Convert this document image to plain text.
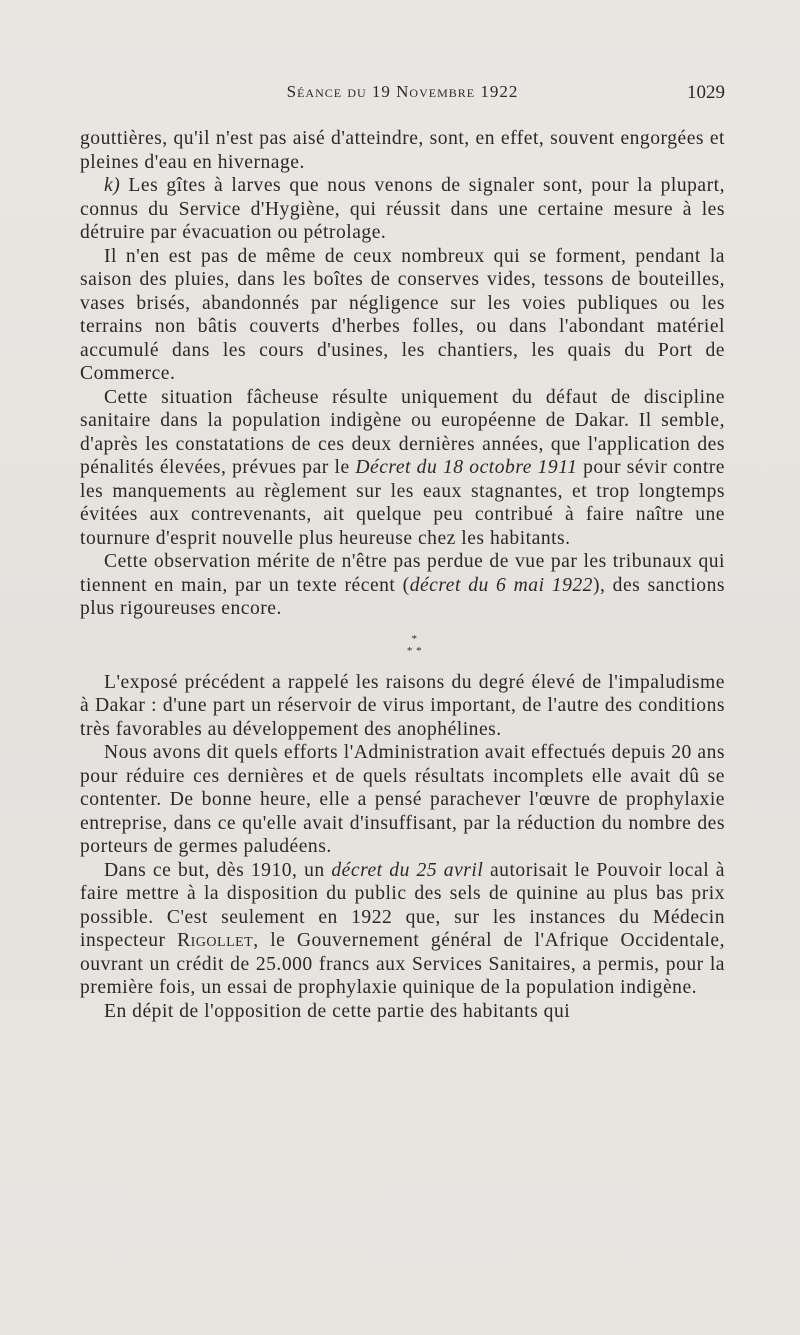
Séance du 19 Novembre 1922	1029

gouttières, qu'il n'est pas aisé d'atteindre, sont, en effet, souvent engorgées et pleines d'eau en hivernage.

k) Les gîtes à larves que nous venons de signaler sont, pour la plupart, connus du Service d'Hygiène, qui réussit dans une certaine mesure à les détruire par évacuation ou pétrolage.

Il n'en est pas de même de ceux nombreux qui se forment, pendant la saison des pluies, dans les boîtes de conserves vides, tessons de bouteilles, vases brisés, abandonnés par négligence sur les voies publiques ou les terrains non bâtis couverts d'herbes folles, ou dans l'abondant matériel accumulé dans les cours d'usines, les chantiers, les quais du Port de Commerce.

Cette situation fâcheuse résulte uniquement du défaut de discipline sanitaire dans la population indigène ou européenne de Dakar. Il semble, d'après les constatations de ces deux dernières années, que l'application des pénalités élevées, prévues par le Décret du 18 octobre 1911 pour sévir contre les manquements au règlement sur les eaux stagnantes, et trop longtemps évitées aux contrevenants, ait quelque peu contribué à faire naître une tournure d'esprit nouvelle plus heureuse chez les habitants.

Cette observation mérite de n'être pas perdue de vue par les tribunaux qui tiennent en main, par un texte récent (décret du 6 mai 1922), des sanctions plus rigoureuses encore.

*
* *

L'exposé précédent a rappelé les raisons du degré élevé de l'impaludisme à Dakar : d'une part un réservoir de virus important, de l'autre des conditions très favorables au développement des anophélines.

Nous avons dit quels efforts l'Administration avait effectués depuis 20 ans pour réduire ces dernières et de quels résultats incomplets elle avait dû se contenter. De bonne heure, elle a pensé parachever l'œuvre de prophylaxie entreprise, dans ce qu'elle avait d'insuffisant, par la réduction du nombre des porteurs de germes paludéens.

Dans ce but, dès 1910, un décret du 25 avril autorisait le Pouvoir local à faire mettre à la disposition du public des sels de quinine au plus bas prix possible. C'est seulement en 1922 que, sur les instances du Médecin inspecteur Rigollet, le Gouvernement général de l'Afrique Occidentale, ouvrant un crédit de 25.000 francs aux Services Sanitaires, a permis, pour la première fois, un essai de prophylaxie quinique de la population indigène.

En dépit de l'opposition de cette partie des habitants qui
